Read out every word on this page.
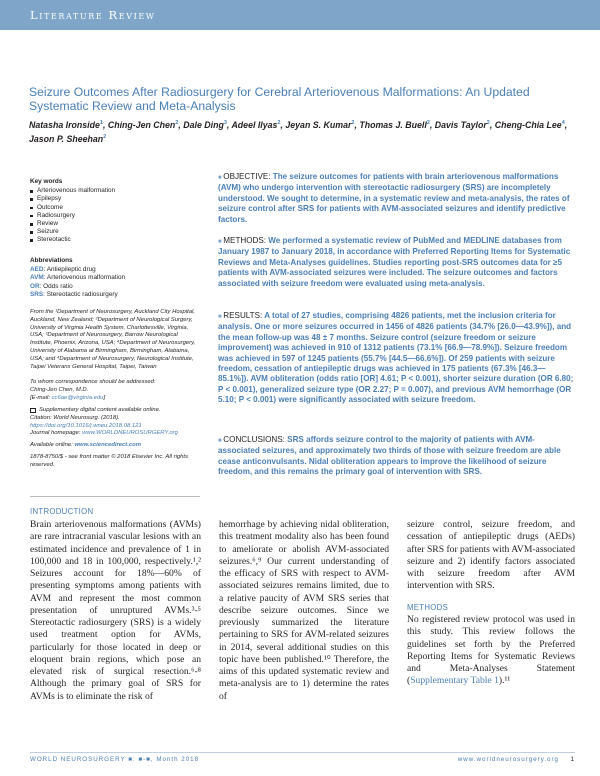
Literature Review
Seizure Outcomes After Radiosurgery for Cerebral Arteriovenous Malformations: An Updated Systematic Review and Meta-Analysis
Natasha Ironside$^1$, Ching-Jen Chen$^2$, Dale Ding$^3$, Adeel Ilyas$^2$, Jeyan S. Kumar$^2$, Thomas J. Buell$^2$, Davis Taylor$^2$, Cheng-Chia Lee$^4$, Jason P. Sheehan$^2$
Key words
Arteriovenous malformation
Epilepsy
Outcome
Radiosurgery
Review
Seizure
Stereotactic
Abbreviations
AED: Antiepileptic drug
AVM: Arteriovenous malformation
OR: Odds ratio
SRS: Stereotactic radiosurgery
From the ¹Department of Neurosurgery, Auckland City Hospital, Auckland, New Zealand; ²Department of Neurological Surgery, University of Virginia Health System, Charlottesville, Virginia, USA; ³Department of Neurosurgery, Barrow Neurological Institute, Phoenix, Arizona, USA; ⁴Department of Neurosurgery, University of Alabama at Birmingham, Birmingham, Alabama, USA; and ⁴Department of Neurosurgery, Neurological Institute, Taipei Veterans General Hospital, Taipei, Taiwan
To whom correspondence should be addressed:
Ching-Jen Chen, M.D.
[E-mail: cc6ae@virginia.edu]
Supplementary digital content available online.
Citation: World Neurosurg. (2018).
https://doi.org/10.1016/j.wneu.2018.08.121
Journal homepage: www.WORLDNEUROSURGERY.org
Available online: www.sciencedirect.com
1878-8750/$ - see front matter © 2018 Elsevier Inc. All rights reserved.

■ OBJECTIVE: The seizure outcomes for patients with brain arteriovenous malformations (AVM) who undergo intervention with stereotactic radiosurgery (SRS) are incompletely understood. We sought to determine, in a systematic review and meta-analysis, the rates of seizure control after SRS for patients with AVM-associated seizures and identify predictive factors.

■ METHODS: We performed a systematic review of PubMed and MEDLINE databases from January 1987 to January 2018, in accordance with Preferred Reporting Items for Systematic Reviews and Meta-Analyses guidelines. Studies reporting post-SRS outcomes data for ≥5 patients with AVM-associated seizures were included. The seizure outcomes and factors associated with seizure freedom were evaluated using meta-analysis.

■ RESULTS: A total of 27 studies, comprising 4826 patients, met the inclusion criteria for analysis. One or more seizures occurred in 1456 of 4826 patients (34.7% [26.0—43.9%]), and the mean follow-up was 48 ± 7 months. Seizure control (seizure freedom or seizure improvement) was achieved in 910 of 1312 patients (73.1% [66.9—78.9%]). Seizure freedom was achieved in 597 of 1245 patients (55.7% [44.5—66.6%]). Of 259 patients with seizure freedom, cessation of antiepileptic drugs was achieved in 175 patients (67.3% [46.3—85.1%]). AVM obliteration (odds ratio [OR] 4.61; P < 0.001), shorter seizure duration (OR 6.80; P < 0.001), generalized seizure type (OR 2.27; P = 0.007), and previous AVM hemorrhage (OR 5.10; P < 0.001) were significantly associated with seizure freedom.

■ CONCLUSIONS: SRS affords seizure control to the majority of patients with AVM-associated seizures, and approximately two thirds of those with seizure freedom are able cease anticonvulsants. Nidal obliteration appears to improve the likelihood of seizure freedom, and this remains the primary goal of intervention with SRS.

INTRODUCTION

Brain arteriovenous malformations (AVMs) are rare intracranial vascular lesions with an estimated incidence and prevalence of 1 in 100,000 and 18 in 100,000, respectively.¹,² Seizures account for 18%—60% of presenting symptoms among patients with AVM and represent the most common presentation of unruptured AVMs.³-⁵ Stereotactic radiosurgery (SRS) is a widely used treatment option for AVMs, particularly for those located in deep or eloquent brain regions, which pose an elevated risk of surgical resection.⁶-⁸ Although the primary goal of SRS for AVMs is to eliminate the risk of

hemorrhage by achieving nidal obliteration, this treatment modality also has been found to ameliorate or abolish AVM-associated seizures.⁶,⁹ Our current understanding of the efficacy of SRS with respect to AVM-associated seizures remains limited, due to a relative paucity of AVM SRS series that describe seizure outcomes. Since we previously summarized the literature pertaining to SRS for AVM-related seizures in 2014, several additional studies on this topic have been published.¹⁰ Therefore, the aims of this updated systematic review and meta-analysis are to 1) determine the rates of

seizure control, seizure freedom, and cessation of antiepileptic drugs (AEDs) after SRS for patients with AVM-associated seizure and 2) identify factors associated with seizure freedom after AVM intervention with SRS.

METHODS

No registered review protocol was used in this study. This review follows the guidelines set forth by the Preferred Reporting Items for Systematic Reviews and Meta-Analyses Statement (Supplementary Table 1).¹¹

WORLD NEUROSURGERY ■: ■-■, Month 2018	www.worldneurosurgery.org 1
